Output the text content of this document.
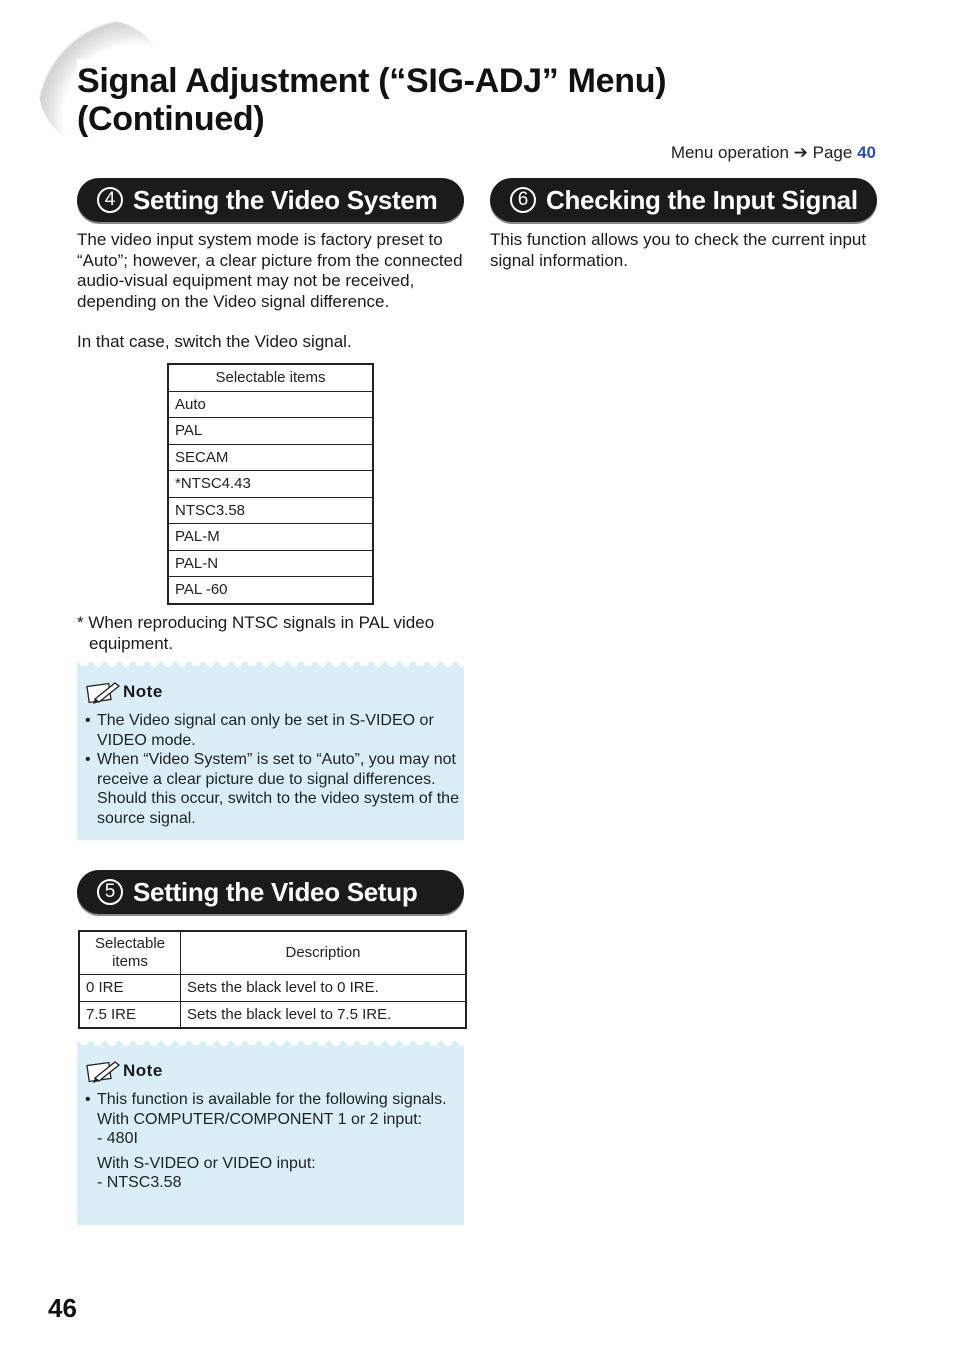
Signal Adjustment (“SIG-ADJ” Menu)
(Continued)
Menu operation ➔ Page 40
4 Setting the Video System

The video input system mode is factory preset to “Auto”; however, a clear picture from the connected audio-visual equipment may not be received, depending on the Video signal difference.

In that case, switch the Video signal.

Selectable items
Auto
PAL
SECAM
*NTSC4.43
NTSC3.58
PAL-M
PAL-N
PAL -60

* When reproducing NTSC signals in PAL video equipment.

Note
• The Video signal can only be set in S-VIDEO or VIDEO mode.
• When “Video System” is set to “Auto”, you may not receive a clear picture due to signal differences. Should this occur, switch to the video system of the source signal.
5 Setting the Video Setup
Selectable items	Description
0 IRE	Sets the black level to 0 IRE.
7.5 IRE	Sets the black level to 7.5 IRE.
Note
• This function is available for the following signals.
With COMPUTER/COMPONENT 1 or 2 input:
- 480I
With S-VIDEO or VIDEO input:
- NTSC3.58
6 Checking the Input Signal

This function allows you to check the current input signal information.

46
